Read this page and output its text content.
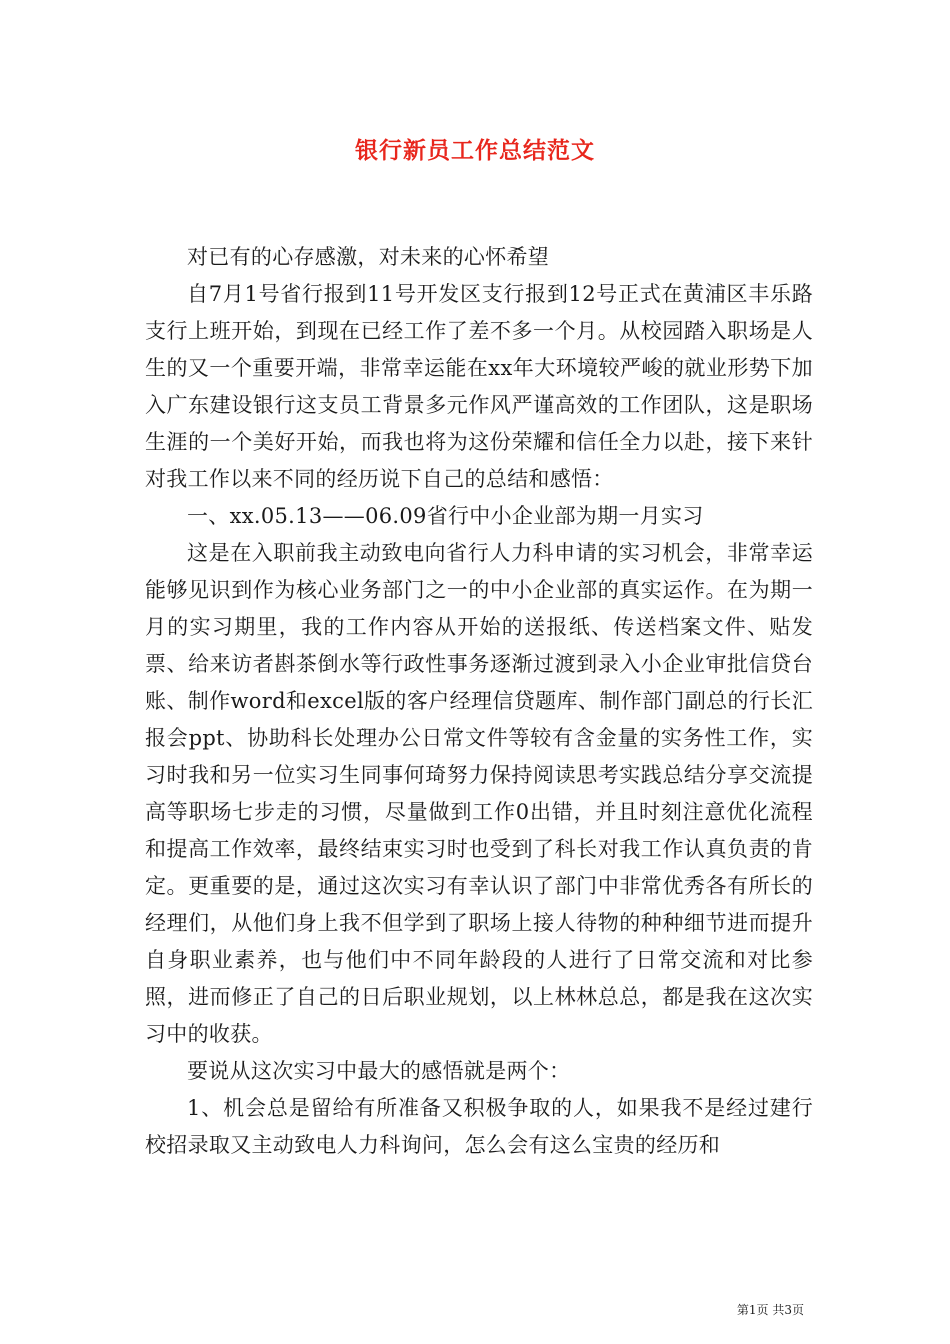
银行新员工作总结范文

对已有的心存感激，对未来的心怀希望

自7月1号省行报到11号开发区支行报到12号正式在黄浦区丰乐路支行上班开始，到现在已经工作了差不多一个月。从校园踏入职场是人生的又一个重要开端，非常幸运能在xx年大环境较严峻的就业形势下加入广东建设银行这支员工背景多元作风严谨高效的工作团队，这是职场生涯的一个美好开始，而我也将为这份荣耀和信任全力以赴，接下来针对我工作以来不同的经历说下自己的总结和感悟：

一、xx.05.13——06.09省行中小企业部为期一月实习

这是在入职前我主动致电向省行人力科申请的实习机会，非常幸运能够见识到作为核心业务部门之一的中小企业部的真实运作。在为期一月的实习期里，我的工作内容从开始的送报纸、传送档案文件、贴发票、给来访者斟茶倒水等行政性事务逐渐过渡到录入小企业审批信贷台账、制作word和excel版的客户经理信贷题库、制作部门副总的行长汇报会ppt、协助科长处理办公日常文件等较有含金量的实务性工作，实习时我和另一位实习生同事何琦努力保持阅读思考实践总结分享交流提高等职场七步走的习惯，尽量做到工作0出错，并且时刻注意优化流程和提高工作效率，最终结束实习时也受到了科长对我工作认真负责的肯定。更重要的是，通过这次实习有幸认识了部门中非常优秀各有所长的经理们，从他们身上我不但学到了职场上接人待物的种种细节进而提升自身职业素养，也与他们中不同年龄段的人进行了日常交流和对比参照，进而修正了自己的日后职业规划，以上林林总总，都是我在这次实习中的收获。

要说从这次实习中最大的感悟就是两个：

1、机会总是留给有所准备又积极争取的人，如果我不是经过建行校招录取又主动致电人力科询问，怎么会有这么宝贵的经历和

第1页 共3页
